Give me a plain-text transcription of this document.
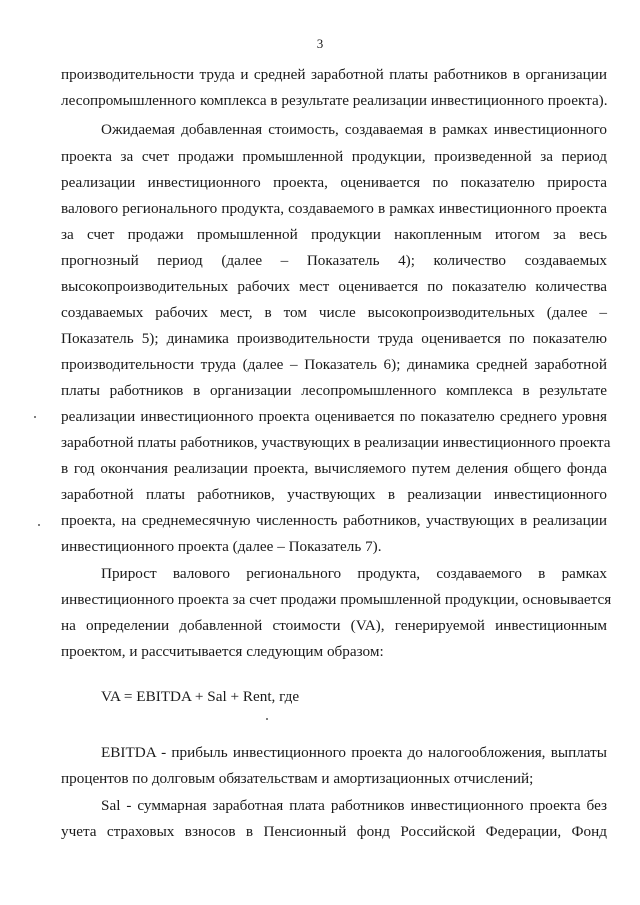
3
производительности труда и средней заработной платы работников в организации
лесопромышленного комплекса в результате реализации инвестиционного проекта).
Ожидаемая добавленная стоимость, создаваемая в рамках инвестиционного
проекта за счет продажи промышленной продукции, произведенной за период
реализации инвестиционного проекта, оценивается по показателю прироста
валового регионального продукта, создаваемого в рамках инвестиционного проекта
за счет продажи промышленной продукции накопленным итогом за весь
прогнозный период (далее – Показатель 4); количество создаваемых
высокопроизводительных рабочих мест оценивается по показателю количества
создаваемых рабочих мест, в том числе высокопроизводительных (далее –
Показатель 5); динамика производительности труда оценивается по показателю
производительности труда (далее – Показатель 6); динамика средней заработной
платы работников в организации лесопромышленного комплекса в результате
реализации инвестиционного проекта оценивается по показателю среднего уровня
заработной платы работников, участвующих в реализации инвестиционного проекта
в год окончания реализации проекта, вычисляемого путем деления общего фонда
заработной платы работников, участвующих в реализации инвестиционного
проекта, на среднемесячную численность работников, участвующих в реализации
инвестиционного проекта (далее – Показатель 7).
Прирост валового регионального продукта, создаваемого в рамках
инвестиционного проекта за счет продажи промышленной продукции, основывается
на определении добавленной стоимости (VA), генерируемой инвестиционным
проектом, и рассчитывается следующим образом:
VA = EBITDA + Sal + Rent, где
EBITDA - прибыль инвестиционного проекта до налогообложения, выплаты
процентов по долговым обязательствам и амортизационных отчислений;
Sal - суммарная заработная плата работников инвестиционного проекта без
учета страховых взносов в Пенсионный фонд Российской Федерации, Фонд
